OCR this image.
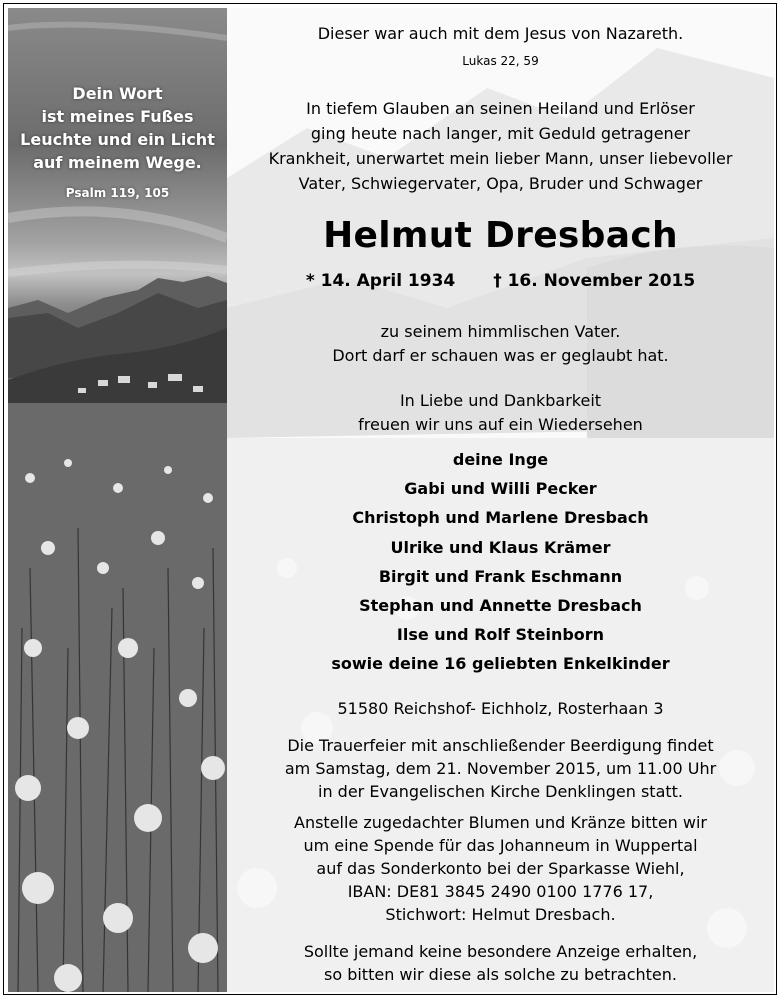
Dein Wort
ist meines Fußes
Leuchte und ein Licht
auf meinem Wege.
Psalm 119, 105
Dieser war auch mit dem Jesus von Nazareth.
Lukas 22, 59
In tiefem Glauben an seinen Heiland und Erlöser
ging heute nach langer, mit Geduld getragener
Krankheit, unerwartet mein lieber Mann, unser liebevoller
Vater, Schwiegervater, Opa, Bruder und Schwager
Helmut Dresbach
* 14. April 1934 † 16. November 2015
zu seinem himmlischen Vater.
Dort darf er schauen was er geglaubt hat.
In Liebe und Dankbarkeit
freuen wir uns auf ein Wiedersehen
deine Inge
Gabi und Willi Pecker
Christoph und Marlene Dresbach
Ulrike und Klaus Krämer
Birgit und Frank Eschmann
Stephan und Annette Dresbach
Ilse und Rolf Steinborn
sowie deine 16 geliebten Enkelkinder
51580 Reichshof- Eichholz, Rosterhaan 3
Die Trauerfeier mit anschließender Beerdigung findet
am Samstag, dem 21. November 2015, um 11.00 Uhr
in der Evangelischen Kirche Denklingen statt.
Anstelle zugedachter Blumen und Kränze bitten wir
um eine Spende für das Johanneum in Wuppertal
auf das Sonderkonto bei der Sparkasse Wiehl,
IBAN: DE81 3845 2490 0100 1776 17,
Stichwort: Helmut Dresbach.
Sollte jemand keine besondere Anzeige erhalten,
so bitten wir diese als solche zu betrachten.
